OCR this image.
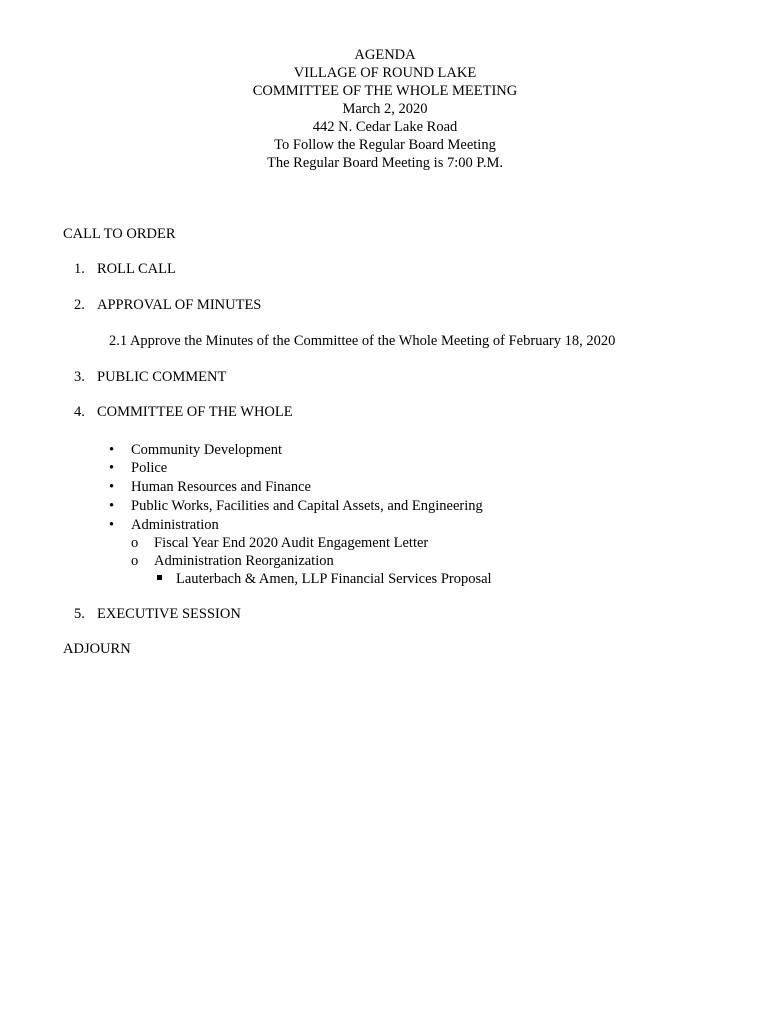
AGENDA
VILLAGE OF ROUND LAKE
COMMITTEE OF THE WHOLE MEETING
March 2, 2020
442 N. Cedar Lake Road
To Follow the Regular Board Meeting
The Regular Board Meeting is 7:00 P.M.
CALL TO ORDER
1. ROLL CALL
2. APPROVAL OF MINUTES
2.1 Approve the Minutes of the Committee of the Whole Meeting of February 18, 2020
3. PUBLIC COMMENT
4. COMMITTEE OF THE WHOLE
• Community Development
• Police
• Human Resources and Finance
• Public Works, Facilities and Capital Assets, and Engineering
• Administration
o Fiscal Year End 2020 Audit Engagement Letter
o Administration Reorganization
Lauterbach & Amen, LLP Financial Services Proposal
5. EXECUTIVE SESSION
ADJOURN
